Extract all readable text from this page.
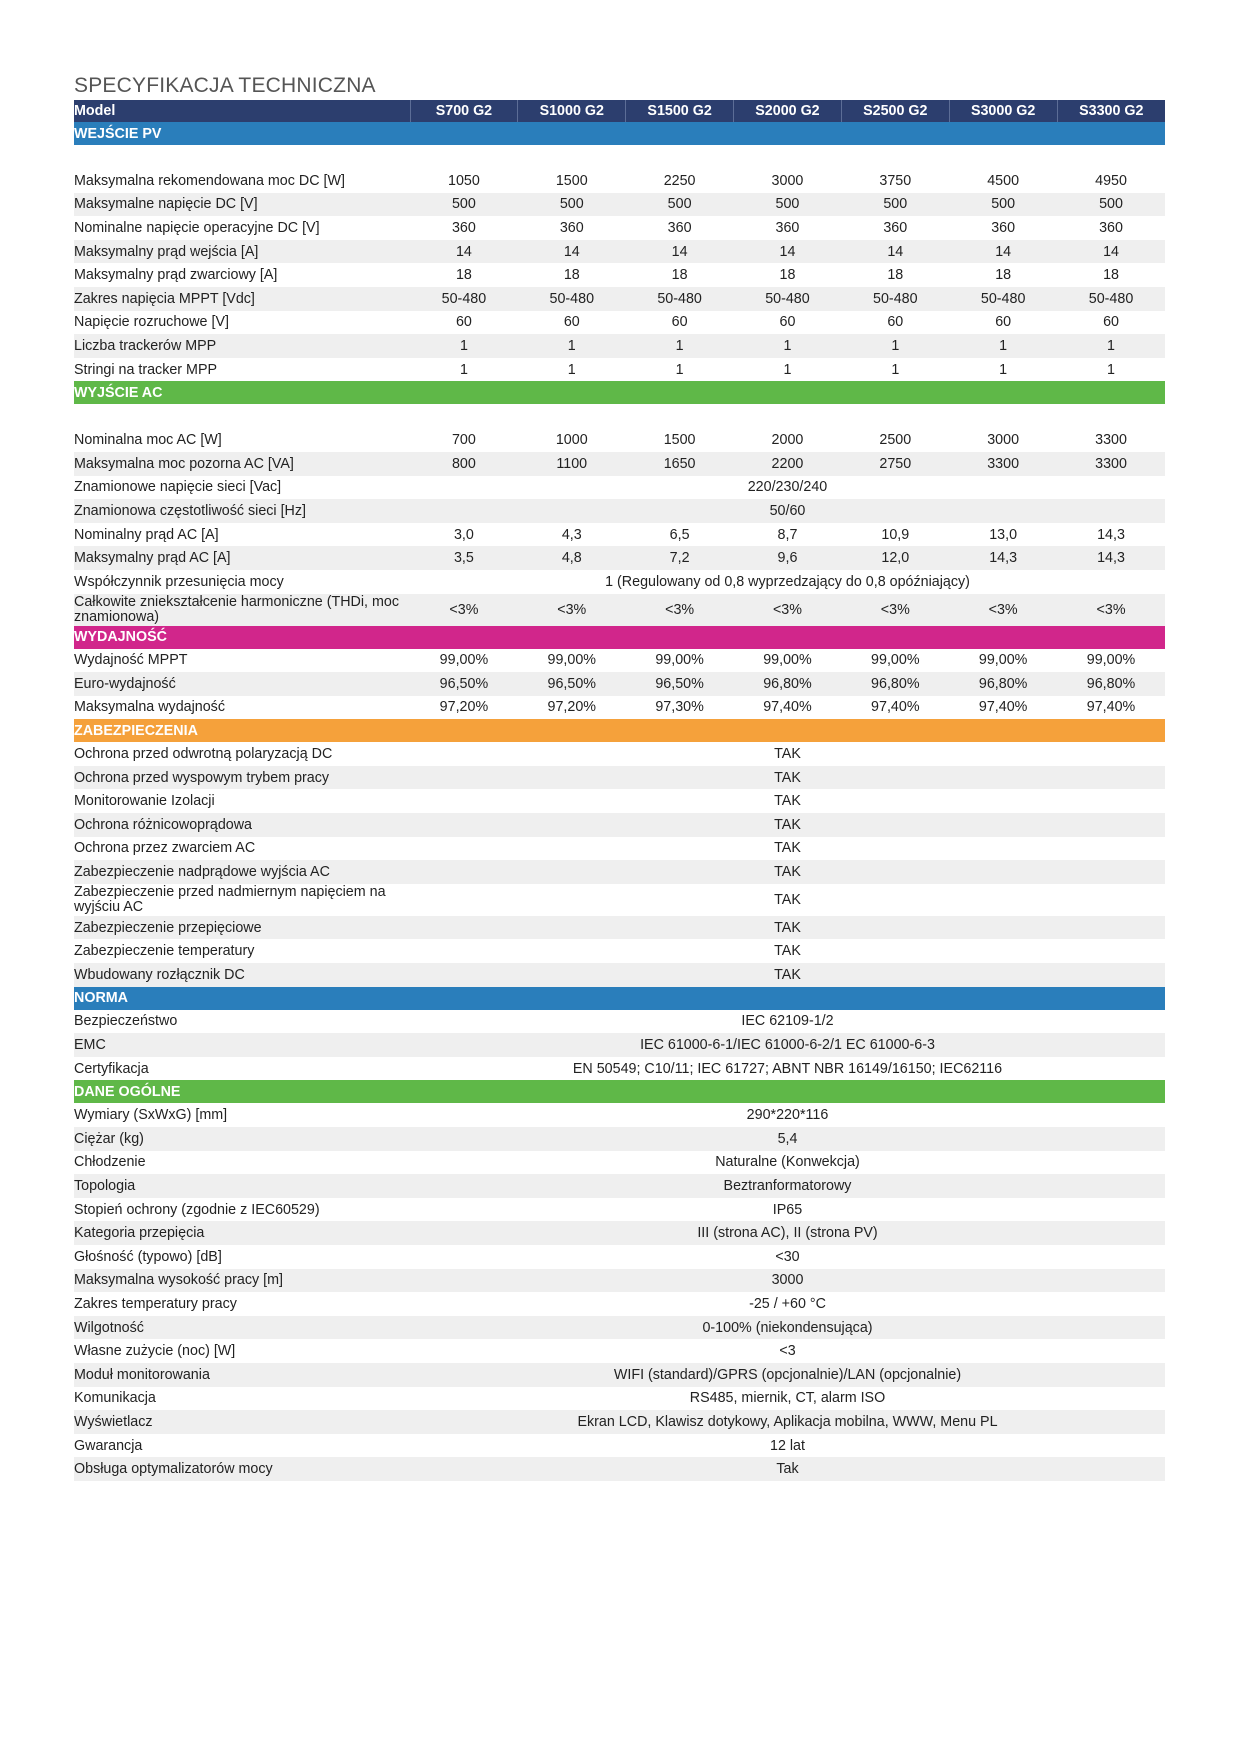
SPECYFIKACJA TECHNICZNA
Model	S700 G2	S1000 G2	S1500 G2	S2000 G2	S2500 G2	S3000 G2	S3300 G2
WEJŚCIE PV							

Maksymalna rekomendowana moc DC [W]	1050	1500	2250	3000	3750	4500	4950
Maksymalne napięcie DC [V]	500	500	500	500	500	500	500
Nominalne napięcie operacyjne DC [V]	360	360	360	360	360	360	360
Maksymalny prąd wejścia [A]	14	14	14	14	14	14	14
Maksymalny prąd zwarciowy [A]	18	18	18	18	18	18	18
Zakres napięcia MPPT [Vdc]	50-480	50-480	50-480	50-480	50-480	50-480	50-480
Napięcie rozruchowe [V]	60	60	60	60	60	60	60
Liczba trackerów MPP	1	1	1	1	1	1	1
Stringi na tracker MPP	1	1	1	1	1	1	1
WYJŚCIE AC							

Nominalna moc AC [W]	700	1000	1500	2000	2500	3000	3300
Maksymalna moc pozorna AC [VA]	800	1100	1650	2200	2750	3300	3300
Znamionowe napięcie sieci [Vac]	220/230/240						
Znamionowa częstotliwość sieci [Hz]	50/60						
Nominalny prąd AC [A]	3,0	4,3	6,5	8,7	10,9	13,0	14,3
Maksymalny prąd AC [A]	3,5	4,8	7,2	9,6	12,0	14,3	14,3
Współczynnik przesunięcia mocy	1 (Regulowany od 0,8 wyprzedzający do 0,8 opóźniający)						
Całkowite zniekształcenie harmoniczne (THDi, moc znamionowa)	<3%	<3%	<3%	<3%	<3%	<3%	<3%
WYDAJNOŚĆ							
Wydajność MPPT	99,00%	99,00%	99,00%	99,00%	99,00%	99,00%	99,00%
Euro-wydajność	96,50%	96,50%	96,50%	96,80%	96,80%	96,80%	96,80%
Maksymalna wydajność	97,20%	97,20%	97,30%	97,40%	97,40%	97,40%	97,40%
ZABEZPIECZENIA							
Ochrona przed odwrotną polaryzacją DC	TAK						
Ochrona przed wyspowym trybem pracy	TAK						
Monitorowanie Izolacji	TAK						
Ochrona różnicowoprądowa	TAK						
Ochrona przez zwarciem AC	TAK						
Zabezpieczenie nadprądowe wyjścia AC	TAK						
Zabezpieczenie przed nadmiernym napięciem na wyjściu AC	TAK						
Zabezpieczenie przepięciowe	TAK						
Zabezpieczenie temperatury	TAK						
Wbudowany rozłącznik DC	TAK						
NORMA							
Bezpieczeństwo	IEC 62109-1/2						
EMC	IEC 61000-6-1/IEC 61000-6-2/1 EC 61000-6-3						
Certyfikacja	EN 50549; C10/11; IEC 61727; ABNT NBR 16149/16150; IEC62116						
DANE OGÓLNE							
Wymiary (SxWxG) [mm]	290*220*116						
Ciężar (kg)	5,4						
Chłodzenie	Naturalne (Konwekcja)						
Topologia	Beztranformatorowy						
Stopień ochrony (zgodnie z IEC60529)	IP65						
Kategoria przepięcia	III (strona AC), II (strona PV)						
Głośność (typowo) [dB]	<30						
Maksymalna wysokość pracy [m]	3000						
Zakres temperatury pracy	-25 / +60 °C						
Wilgotność	0-100% (niekondensująca)						
Własne zużycie (noc) [W]	<3						
Moduł monitorowania	WIFI (standard)/GPRS (opcjonalnie)/LAN (opcjonalnie)						
Komunikacja	RS485, miernik, CT, alarm ISO						
Wyświetlacz	Ekran LCD, Klawisz dotykowy, Aplikacja mobilna, WWW, Menu PL						
Gwarancja	12 lat						
Obsługa optymalizatorów mocy	Tak						
